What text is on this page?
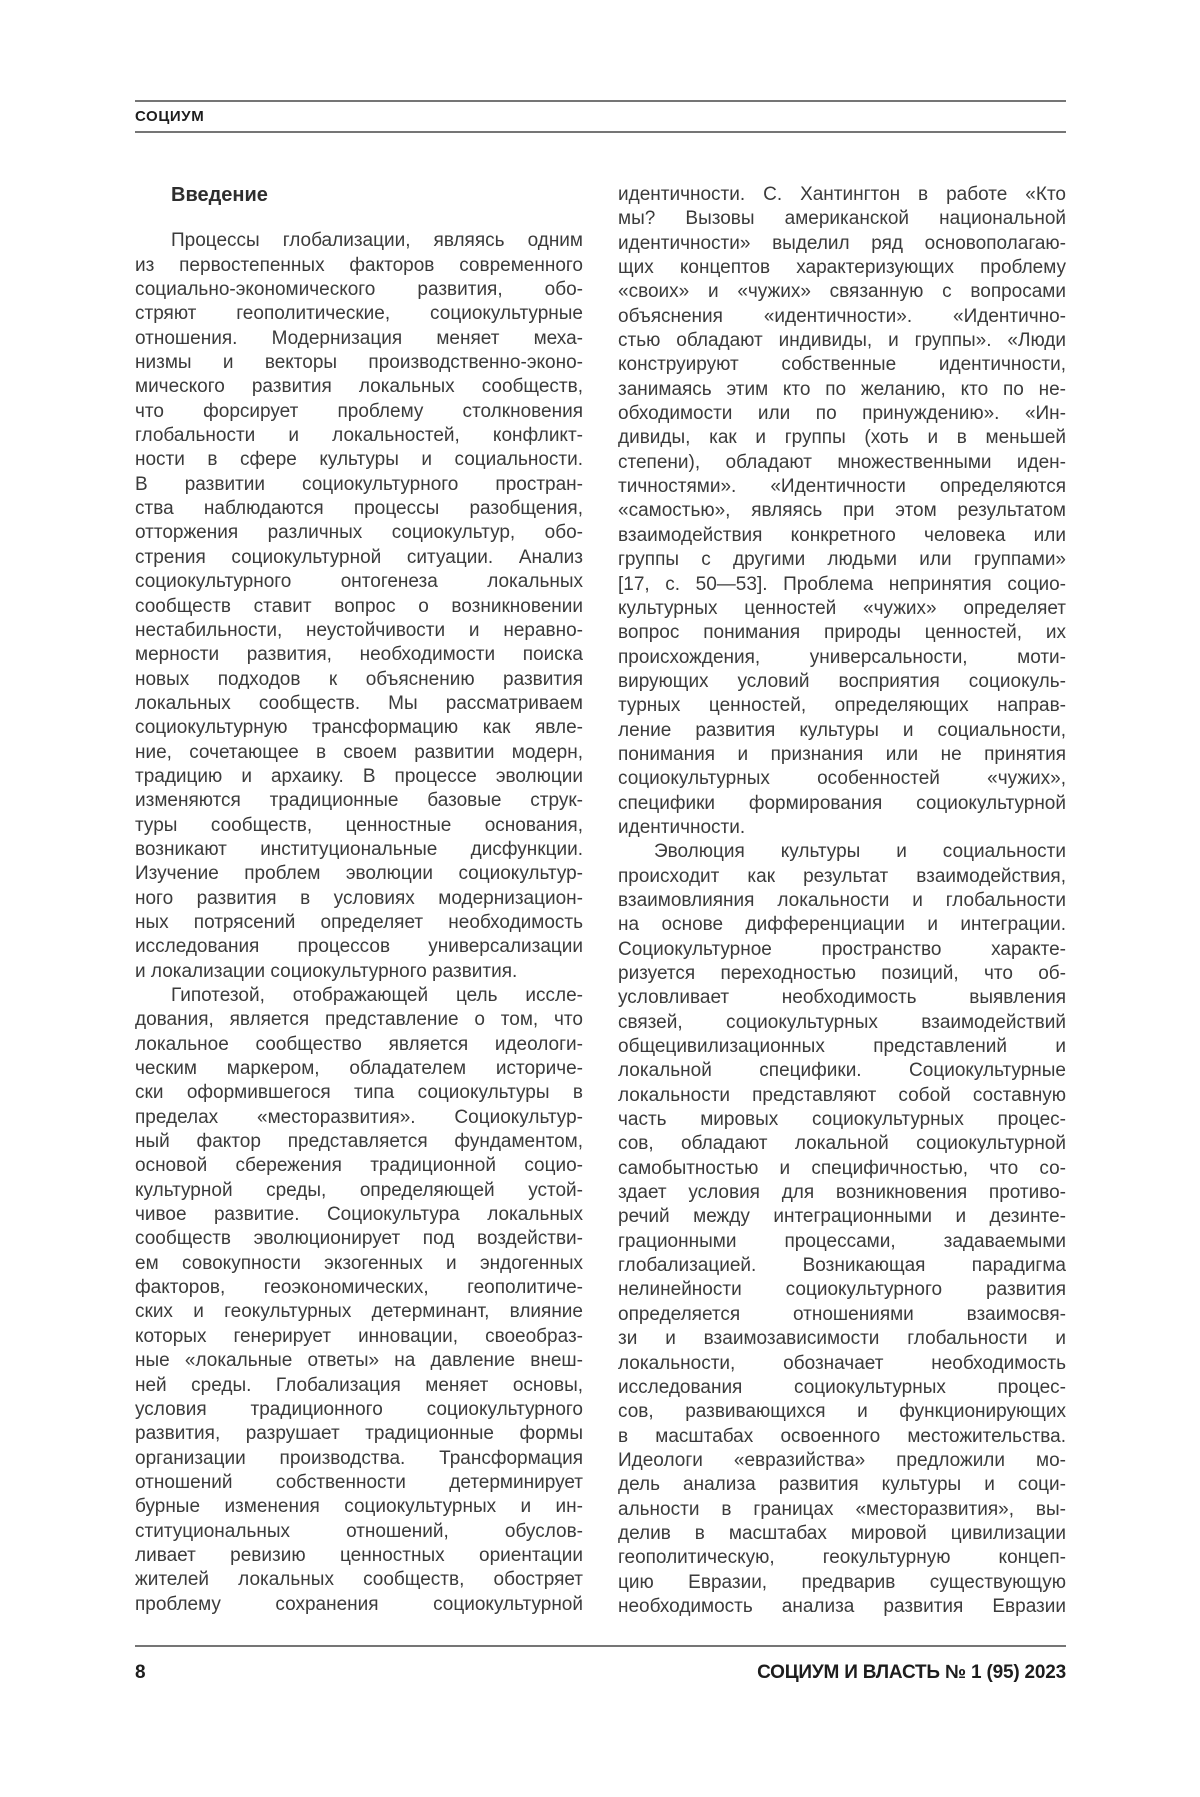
СОЦИУМ
Введение
Процессы глобализации, являясь одним
из первостепенных факторов современного
социально-экономического развития, обо-
стряют геополитические, социокультурные
отношения. Модернизация меняет меха-
низмы и векторы производственно-эконо-
мического развития локальных сообществ,
что форсирует проблему столкновения
глобальности и локальностей, конфликт-
ности в сфере культуры и социальности.
В развитии социокультурного простран-
ства наблюдаются процессы разобщения,
отторжения различных социокультур, обо-
стрения социокультурной ситуации. Анализ
социокультурного онтогенеза локальных
сообществ ставит вопрос о возникновении
нестабильности, неустойчивости и неравно-
мерности развития, необходимости поиска
новых подходов к объяснению развития
локальных сообществ. Мы рассматриваем
социокультурную трансформацию как явле-
ние, сочетающее в своем развитии модерн,
традицию и архаику. В процессе эволюции
изменяются традиционные базовые струк-
туры сообществ, ценностные основания,
возникают институциональные дисфункции.
Изучение проблем эволюции социокультур-
ного развития в условиях модернизацион-
ных потрясений определяет необходимость
исследования процессов универсализации
и локализации социокультурного развития.
Гипотезой, отображающей цель иссле-
дования, является представление о том, что
локальное сообщество является идеологи-
ческим маркером, обладателем историче-
ски оформившегося типа социокультуры в
пределах «месторазвития». Социокультур-
ный фактор представляется фундаментом,
основой сбережения традиционной социо-
культурной среды, определяющей устой-
чивое развитие. Социокультура локальных
сообществ эволюционирует под воздействи-
ем совокупности экзогенных и эндогенных
факторов, геоэкономических, геополитиче-
ских и геокультурных детерминант, влияние
которых генерирует инновации, своеобраз-
ные «локальные ответы» на давление внеш-
ней среды. Глобализация меняет основы,
условия традиционного социокультурного
развития, разрушает традиционные формы
организации производства. Трансформация
отношений собственности детерминирует
бурные изменения социокультурных и ин-
ституциональных отношений, обуслов-
ливает ревизию ценностных ориентации
жителей локальных сообществ, обостряет
проблему сохранения социокультурной
идентичности. С. Хантингтон в работе «Кто
мы? Вызовы американской национальной
идентичности» выделил ряд основополагаю-
щих концептов характеризующих проблему
«своих» и «чужих» связанную с вопросами
объяснения «идентичности». «Идентично-
стью обладают индивиды, и группы». «Люди
конструируют собственные идентичности,
занимаясь этим кто по желанию, кто по не-
обходимости или по принуждению». «Ин-
дивиды, как и группы (хоть и в меньшей
степени), обладают множественными иден-
тичностями». «Идентичности определяются
«самостью», являясь при этом результатом
взаимодействия конкретного человека или
группы с другими людьми или группами»
[17, с. 50—53]. Проблема непринятия социо-
культурных ценностей «чужих» определяет
вопрос понимания природы ценностей, их
происхождения, универсальности, моти-
вирующих условий восприятия социокуль-
турных ценностей, определяющих направ-
ление развития культуры и социальности,
понимания и признания или не принятия
социокультурных особенностей «чужих»,
специфики формирования социокультурной
идентичности.
Эволюция культуры и социальности
происходит как результат взаимодействия,
взаимовлияния локальности и глобальности
на основе дифференциации и интеграции.
Социокультурное пространство характе-
ризуется переходностью позиций, что об-
условливает необходимость выявления
связей, социокультурных взаимодействий
общецивилизационных представлений и
локальной специфики. Социокультурные
локальности представляют собой составную
часть мировых социокультурных процес-
сов, обладают локальной социокультурной
самобытностью и специфичностью, что со-
здает условия для возникновения противо-
речий между интеграционными и дезинте-
грационными процессами, задаваемыми
глобализацией. Возникающая парадигма
нелинейности социокультурного развития
определяется отношениями взаимосвя-
зи и взаимозависимости глобальности и
локальности, обозначает необходимость
исследования социокультурных процес-
сов, развивающихся и функционирующих
в масштабах освоенного местожительства.
Идеологи «евразийства» предложили мо-
дель анализа развития культуры и соци-
альности в границах «месторазвития», вы-
делив в масштабах мировой цивилизации
геополитическую, геокультурную концеп-
цию Евразии, предварив существующую
необходимость анализа развития Евразии
8	СОЦИУМ И ВЛАСТЬ № 1 (95) 2023
